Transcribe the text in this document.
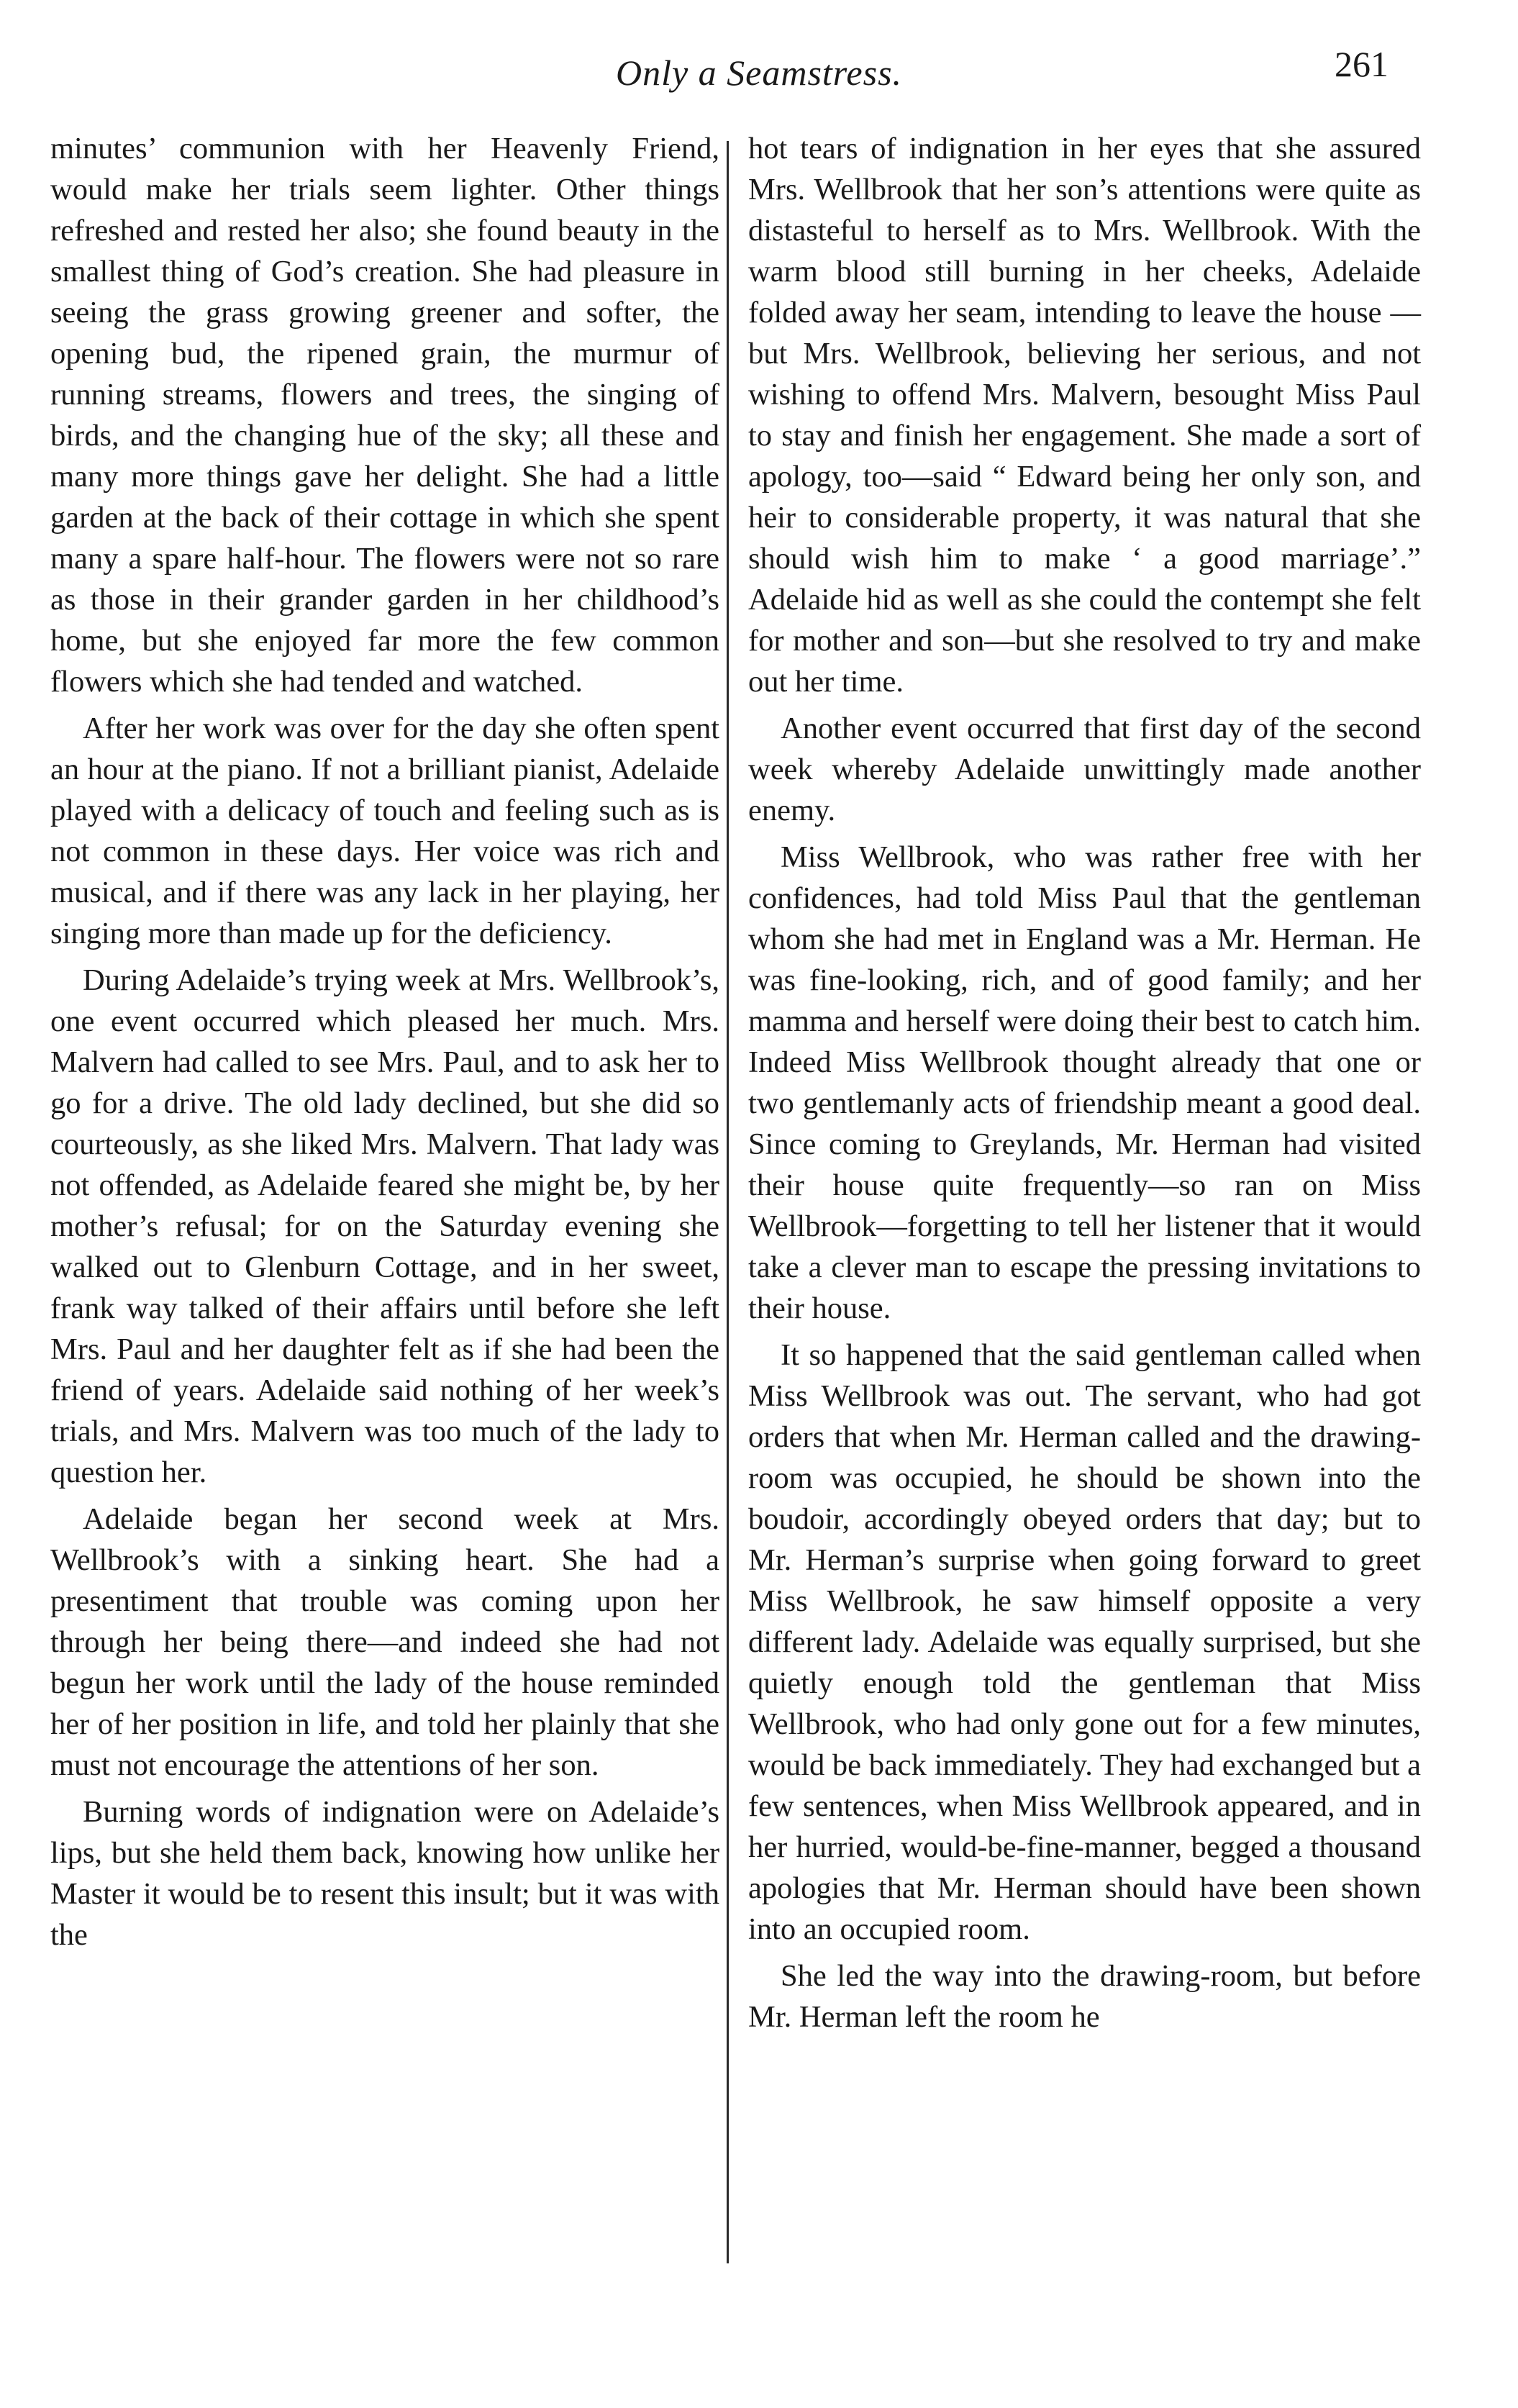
Only a Seamstress.	261

minutes’ communion with her Heavenly Friend, would make her trials seem lighter. Other things refreshed and rested her also; she found beauty in the smallest thing of God’s creation. She had pleasure in seeing the grass growing greener and softer, the opening bud, the ripened grain, the murmur of running streams, flowers and trees, the singing of birds, and the changing hue of the sky; all these and many more things gave her delight. She had a little garden at the back of their cottage in which she spent many a spare half-hour. The flowers were not so rare as those in their grander garden in her childhood’s home, but she enjoyed far more the few common flowers which she had tended and watched.

After her work was over for the day she often spent an hour at the piano. If not a brilliant pianist, Adelaide played with a delicacy of touch and feeling such as is not common in these days. Her voice was rich and musical, and if there was any lack in her playing, her singing more than made up for the deficiency.

During Adelaide’s trying week at Mrs. Wellbrook’s, one event occurred which pleased her much. Mrs. Malvern had called to see Mrs. Paul, and to ask her to go for a drive. The old lady declined, but she did so courteously, as she liked Mrs. Malvern. That lady was not offended, as Adelaide feared she might be, by her mother’s refusal; for on the Saturday evening she walked out to Glenburn Cottage, and in her sweet, frank way talked of their affairs until before she left Mrs. Paul and her daughter felt as if she had been the friend of years. Adelaide said nothing of her week’s trials, and Mrs. Malvern was too much of the lady to question her.

Adelaide began her second week at Mrs. Wellbrook’s with a sinking heart. She had a presentiment that trouble was coming upon her through her being there—and indeed she had not begun her work until the lady of the house reminded her of her position in life, and told her plainly that she must not encourage the attentions of her son.

Burning words of indignation were on Adelaide’s lips, but she held them back, knowing how unlike her Master it would be to resent this insult; but it was with the

hot tears of indignation in her eyes that she assured Mrs. Wellbrook that her son’s attentions were quite as distasteful to herself as to Mrs. Wellbrook. With the warm blood still burning in her cheeks, Adelaide folded away her seam, intending to leave the house —but Mrs. Wellbrook, believing her serious, and not wishing to offend Mrs. Malvern, besought Miss Paul to stay and finish her engagement. She made a sort of apology, too—said “ Edward being her only son, and heir to considerable property, it was natural that she should wish him to make ‘ a good marriage’.” Adelaide hid as well as she could the contempt she felt for mother and son—but she resolved to try and make out her time.

Another event occurred that first day of the second week whereby Adelaide unwittingly made another enemy.

Miss Wellbrook, who was rather free with her confidences, had told Miss Paul that the gentleman whom she had met in England was a Mr. Herman. He was fine-looking, rich, and of good family; and her mamma and herself were doing their best to catch him. Indeed Miss Wellbrook thought already that one or two gentlemanly acts of friendship meant a good deal. Since coming to Greylands, Mr. Herman had visited their house quite frequently—so ran on Miss Wellbrook—forgetting to tell her listener that it would take a clever man to escape the pressing invitations to their house.

It so happened that the said gentleman called when Miss Wellbrook was out. The servant, who had got orders that when Mr. Herman called and the drawing-room was occupied, he should be shown into the boudoir, accordingly obeyed orders that day; but to Mr. Herman’s surprise when going forward to greet Miss Wellbrook, he saw himself opposite a very different lady. Adelaide was equally surprised, but she quietly enough told the gentleman that Miss Wellbrook, who had only gone out for a few minutes, would be back immediately. They had exchanged but a few sentences, when Miss Wellbrook appeared, and in her hurried, would-be-fine-manner, begged a thousand apologies that Mr. Herman should have been shown into an occupied room.

She led the way into the drawing-room, but before Mr. Herman left the room he
